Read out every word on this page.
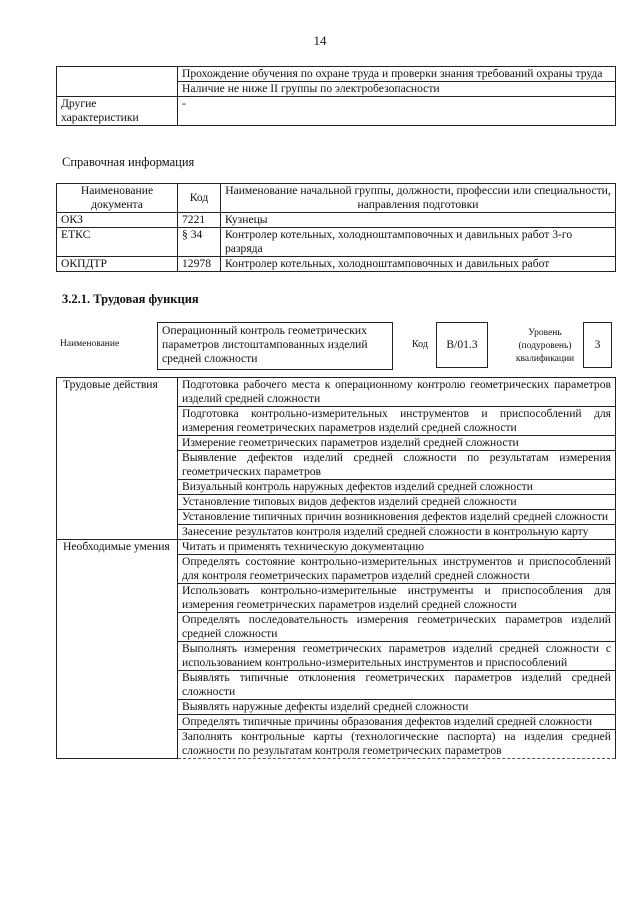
14
	Прохождение обучения по охране труда и проверки знания требований охраны труда
	Наличие не ниже II группы по электробезопасности
Другие характеристики	-
Справочная информация
Наименование документа	Код	Наименование начальной группы, должности, профессии или специальности, направления подготовки
ОКЗ	7221	Кузнецы
ЕТКС	§ 34	Контролер котельных, холодноштамповочных и давильных работ 3-го разряда
ОКПДТР	12978	Контролер котельных, холодноштамповочных и давильных работ
3.2.1. Трудовая функция
Наименование
Операционный контроль геометрических параметров листоштампованных изделий средней сложности
Код	B/01.3
Уровень (подуровень) квалификации
3
Трудовые действия	Подготовка рабочего места к операционному контролю геометрических параметров изделий средней сложности
	Подготовка контрольно-измерительных инструментов и приспособлений для измерения геометрических параметров изделий средней сложности
	Измерение геометрических параметров изделий средней сложности
	Выявление дефектов изделий средней сложности по результатам измерения геометрических параметров
	Визуальный контроль наружных дефектов изделий средней сложности
	Установление типовых видов дефектов изделий средней сложности
	Установление типичных причин возникновения дефектов изделий средней сложности
	Занесение результатов контроля изделий средней сложности в контрольную карту
Необходимые умения	Читать и применять техническую документацию
	Определять состояние контрольно-измерительных инструментов и приспособлений для контроля геометрических параметров изделий средней сложности
	Использовать контрольно-измерительные инструменты и приспособления для измерения геометрических параметров изделий средней сложности
	Определять последовательность измерения геометрических параметров изделий средней сложности
	Выполнять измерения геометрических параметров изделий средней сложности с использованием контрольно-измерительных инструментов и приспособлений
	Выявлять типичные отклонения геометрических параметров изделий средней сложности
	Выявлять наружные дефекты изделий средней сложности
	Определять типичные причины образования дефектов изделий средней сложности
	Заполнять контрольные карты (технологические паспорта) на изделия средней сложности по результатам контроля геометрических параметров
